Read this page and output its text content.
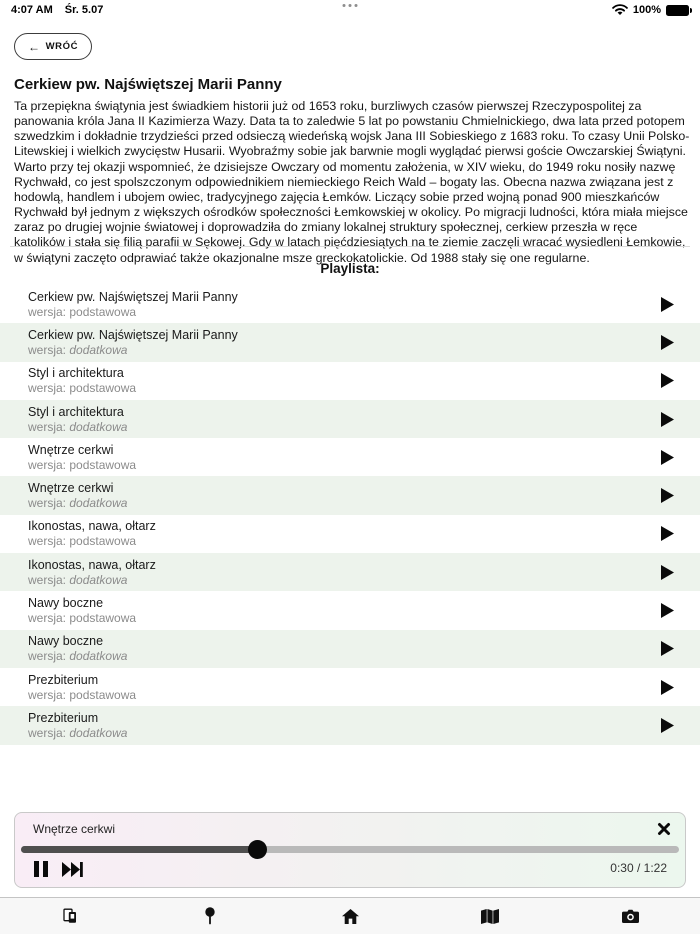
4:07 AM Śr. 5.07	100%
← WRÓĆ
Cerkiew pw. Najświętszej Marii Panny

Ta przepiękna świątynia jest świadkiem historii już od 1653 roku, burzliwych czasów pierwszej Rzeczypospolitej za panowania króla Jana II Kazimierza Wazy. Data ta to zaledwie 5 lat po powstaniu Chmielnickiego, dwa lata przed potopem szwedzkim i dokładnie trzydzieści przed odsieczą wiedeńską wojsk Jana III Sobieskiego z 1683 roku. To czasy Unii Polsko-Litewskiej i wielkich zwycięstw Husarii. Wyobraźmy sobie jak barwnie mogli wyglądać pierwsi goście Owczarskiej Świątyni. Warto przy tej okazji wspomnieć, że dzisiejsze Owczary od momentu założenia, w XIV wieku, do 1949 roku nosiły nazwę Rychwałd, co jest spolszczonym odpowiednikiem niemieckiego Reich Wald – bogaty las. Obecna nazwa związana jest z hodowlą, handlem i ubojem owiec, tradycyjnego zajęcia Łemków. Liczący sobie przed wojną ponad 900 mieszkańców Rychwałd był jednym z większych ośrodków społeczności Łemkowskiej w okolicy. Po migracji ludności, która miała miejsce zaraz po drugiej wojnie światowej i doprowadziła do zmiany lokalnej struktury społecznej, cerkiew przeszła w ręce katolików i stała się filią parafii w Sękowej. Gdy w latach pięćdziesiątych na te ziemie zaczęli wracać wysiedleni Łemkowie, w świątyni zaczęto odprawiać także okazjonalne msze greckokatolickie. Od 1988 stały się one regularne.

Playlista:
Cerkiew pw. Najświętszej Marii Panny
wersja: podstawowa
Cerkiew pw. Najświętszej Marii Panny
wersja: dodatkowa
Styl i architektura
wersja: podstawowa
Styl i architektura
wersja: dodatkowa
Wnętrze cerkwi
wersja: podstawowa
Wnętrze cerkwi
wersja: dodatkowa
Ikonostas, nawa, ołtarz
wersja: podstawowa
Ikonostas, nawa, ołtarz
wersja: dodatkowa
Nawy boczne
wersja: podstawowa
Nawy boczne
wersja: dodatkowa
Prezbiterium
wersja: podstawowa
Prezbiterium
wersja: dodatkowa
Wnętrze cerkwi
0:30 / 1:22
